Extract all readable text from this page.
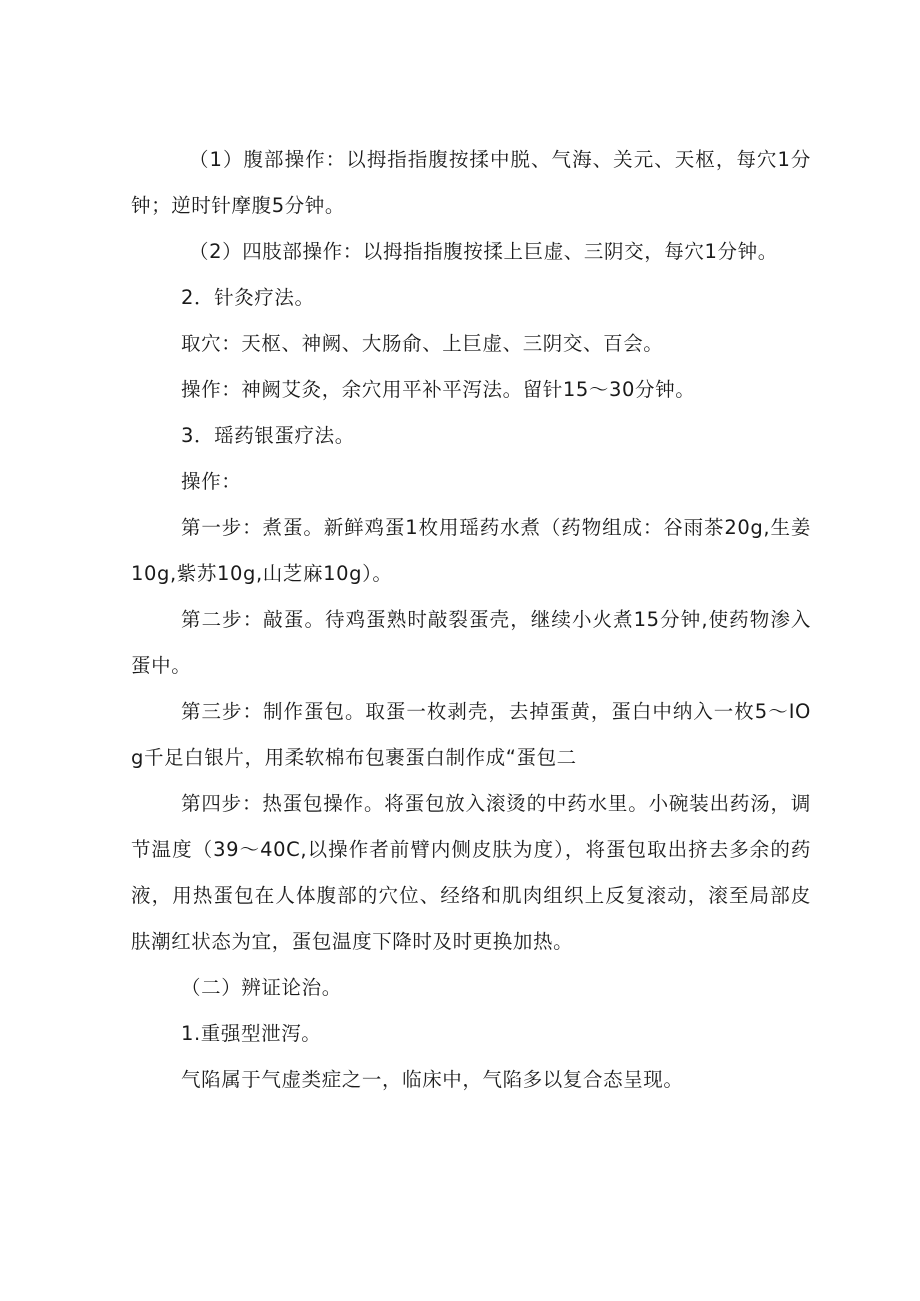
（1）腹部操作：以拇指指腹按揉中脱、气海、关元、天枢，每穴1分钟；逆时针摩腹5分钟。

（2）四肢部操作：以拇指指腹按揉上巨虚、三阴交，每穴1分钟。

2．针灸疗法。

取穴：天枢、神阙、大肠俞、上巨虚、三阴交、百会。

操作：神阙艾灸，余穴用平补平泻法。留针15〜30分钟。

3．瑶药银蛋疗法。

操作：

第一步：煮蛋。新鲜鸡蛋1枚用瑶药水煮（药物组成：谷雨茶20g,生姜10g,紫苏10g,山芝麻10g）。

第二步：敲蛋。待鸡蛋熟时敲裂蛋壳，继续小火煮15分钟,使药物渗入蛋中。

第三步：制作蛋包。取蛋一枚剥壳，去掉蛋黄，蛋白中纳入一枚5〜IOg千足白银片，用柔软棉布包裹蛋白制作成“蛋包二

第四步：热蛋包操作。将蛋包放入滚烫的中药水里。小碗装出药汤，调节温度（39〜40C,以操作者前臂内侧皮肤为度），将蛋包取出挤去多余的药液，用热蛋包在人体腹部的穴位、经络和肌肉组织上反复滚动，滚至局部皮肤潮红状态为宜，蛋包温度下降时及时更换加热。

（二）辨证论治。

1.重强型泄泻。

气陷属于气虚类症之一，临床中，气陷多以复合态呈现。
